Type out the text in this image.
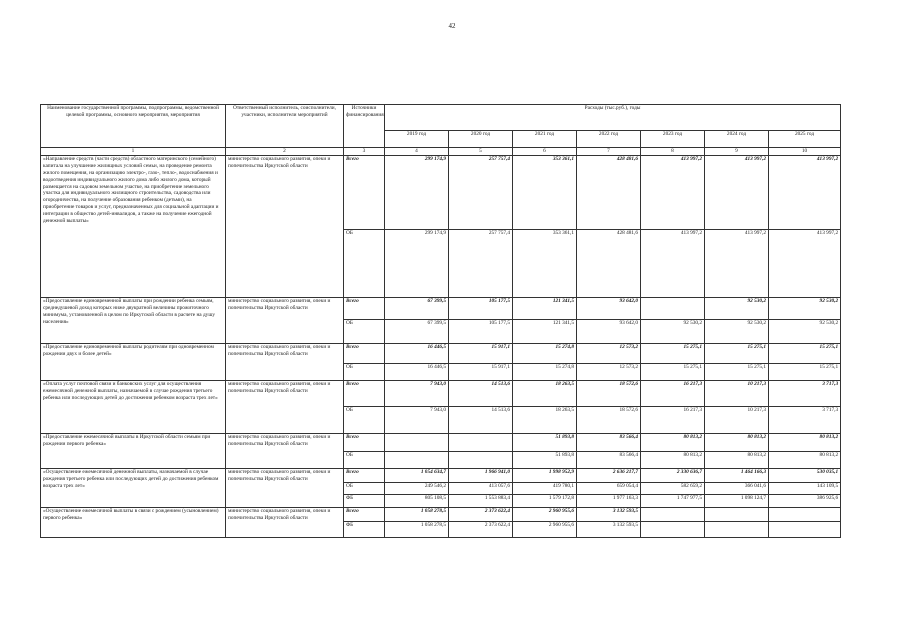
42
Наименование государственной программы, подпрограммы, ведомственной целевой программы, основного мероприятия, мероприятия	Ответственный исполнитель, соисполнители, участники, исполнители мероприятий	Источники финансирования	Расходы (тыс.руб.), годы						
			2019 год	2020 год	2021 год	2022 год	2023 год	2024 год	2025 год
1	2	3	4	5	6	7	8	9	10
«Направление средств (части средств) областного материнского (семейного) капитала на улучшение жилищных условий семьи, на проведение ремонта жилого помещения, на организацию электро-, газо-, тепло-, водоснабжения и водоотведения индивидуального жилого дома либо жилого дома, который размещается на садовом земельном участке, на приобретение земельного участка для индивидуального жилищного строительства, садоводства или огородничества, на получение образования ребенком (детьми), на приобретение товаров и услуг, предназначенных для социальной адаптации и интеграции в общество детей-инвалидов, а также на получение ежегодной денежной выплаты»	министерство социального развития, опеки и попечительства Иркутской области	Всего	299 174,9	257 757,4	353 361,1	428 481,6	413 997,2	413 997,2	413 997,2
		ОБ	299 174,9	257 757,4	353 361,1	428 481,6	413 997,2	413 997,2	413 997,2
«Предоставление единовременной выплаты при рождении ребенка семьям, среднедушевой доход которых ниже двукратной величины прожиточного минимума, установленной в целом по Иркутской области в расчете на душу населения»	министерство социального развития, опеки и попечительства Иркутской области	Всего	67 399,5	105 177,5	121 341,5	93 642,0		92 530,2	92 530,2
		ОБ	67 399,5	105 177,5	121 341,5	93 642,0	92 530,2	92 530,2	92 530,2
«Предоставление единовременной выплаты родителям при одновременном рождении двух и более детей»	министерство социального развития, опеки и попечительства Иркутской области	Всего	16 446,5	15 917,1	15 274,8	12 573,2	15 275,1	15 275,1	15 275,1
		ОБ	16 446,5	15 917,1	15 274,8	12 573,2	15 275,1	15 275,1	15 275,1
«Оплата услуг почтовой связи и банковских услуг для осуществления ежемесячной денежной выплаты, назначаемой в случае рождения третьего ребенка или последующих детей до достижения ребенком возраста трех лет»	министерство социального развития, опеки и попечительства Иркутской области	Всего	7 943,0	14 513,6	18 263,5	18 572,6	16 217,3	10 217,3	3 717,3
		ОБ	7 943,0	14 513,6	18 263,5	18 572,6	16 217,3	10 217,3	3 717,3
«Предоставление ежемесячной выплаты в Иркутской области семьям при рождении первого ребенка»	министерство социального развития, опеки и попечительства Иркутской области	Всего			51 893,8	83 566,4	80 813,2	80 813,2	80 813,2
		ОБ			51 893,8	83 566,4	80 813,2	80 813,2	80 813,2
«Осуществление ежемесячной денежной выплаты, назначаемой в случае рождения третьего ребенка или последующих детей до достижения ребенком возраста трех лет»	министерство социального развития, опеки и попечительства Иркутской области	Всего	1 054 634,7	1 966 941,0	1 998 952,9	2 636 217,7	2 330 636,7	1 464 166,3	530 035,1
		ОБ	249 546,2	413 057,6	419 780,1	659 054,4	582 659,2	366 041,6	143 109,5
		ФБ	805 108,5	1 553 883,4	1 579 172,8	1 977 163,3	1 747 977,5	1 098 124,7	386 925,6
«Осуществление ежемесячной выплаты в связи с рождением (усыновлением) первого ребенка»	министерство социального развития, опеки и попечительства Иркутской области	Всего	1 058 278,5	2 373 622,4	2 960 955,6	3 132 593,5			
		ФБ	1 058 278,5	2 373 622,4	2 960 955,6	3 132 593,5			
